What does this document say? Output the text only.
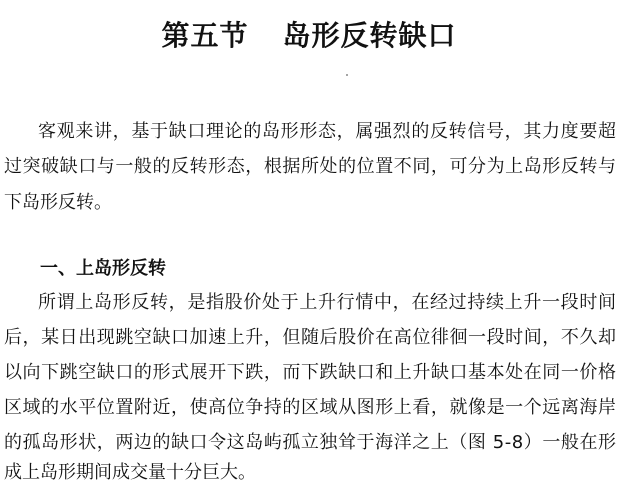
第五节 岛形反转缺口
客观来讲，基于缺口理论的岛形形态，属强烈的反转信号，其力度要超
过突破缺口与一般的反转形态，根据所处的位置不同，可分为上岛形反转与
下岛形反转。
一、上岛形反转
所谓上岛形反转，是指股价处于上升行情中，在经过持续上升一段时间
后，某日出现跳空缺口加速上升，但随后股价在高位徘徊一段时间，不久却
以向下跳空缺口的形式展开下跌，而下跌缺口和上升缺口基本处在同一价格
区域的水平位置附近，使高位争持的区域从图形上看，就像是一个远离海岸
的孤岛形状，两边的缺口令这岛屿孤立独耸于海洋之上（图 5-8）一般在形
成上岛形期间成交量十分巨大。
